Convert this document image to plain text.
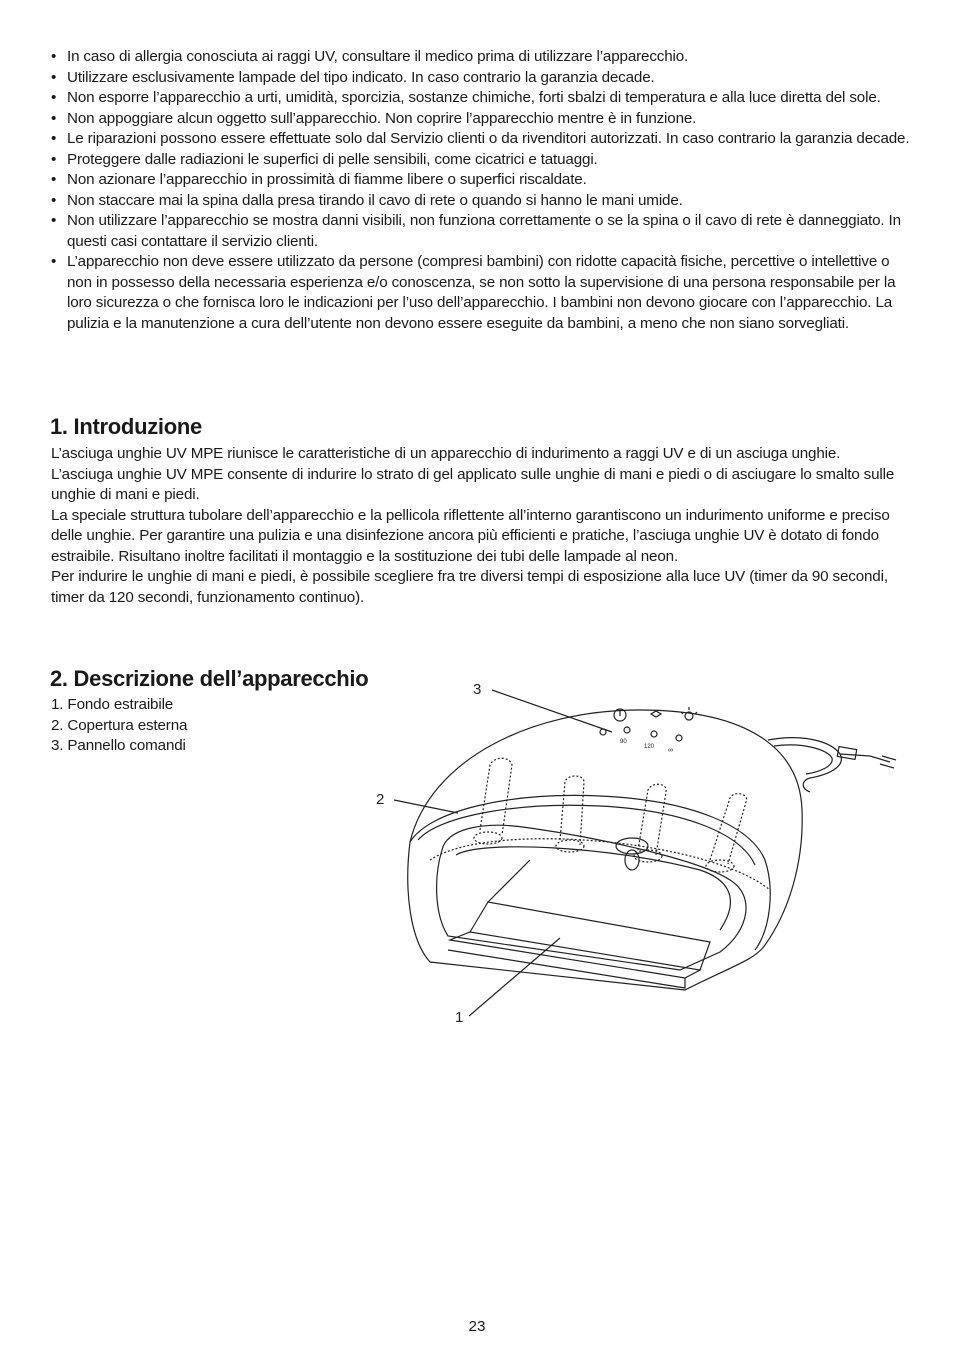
• In caso di allergia conosciuta ai raggi UV, consultare il medico prima di utilizzare l’apparecchio.
• Utilizzare esclusivamente lampade del tipo indicato. In caso contrario la garanzia decade.
• Non esporre l’apparecchio a urti, umidità, sporcizia, sostanze chimiche, forti sbalzi di temperatura e alla luce diretta del sole.
• Non appoggiare alcun oggetto sull’apparecchio. Non coprire l’apparecchio mentre è in funzione.
• Le riparazioni possono essere effettuate solo dal Servizio clienti o da rivenditori autorizzati. In caso contrario la garanzia decade.
• Proteggere dalle radiazioni le superfici di pelle sensibili, come cicatrici e tatuaggi.
• Non azionare l’apparecchio in prossimità di fiamme libere o superfici riscaldate.
• Non staccare mai la spina dalla presa tirando il cavo di rete o quando si hanno le mani umide.
• Non utilizzare l’apparecchio se mostra danni visibili, non funziona correttamente o se la spina o il cavo di rete è danneggiato. In questi casi contattare il servizio clienti.
• L’apparecchio non deve essere utilizzato da persone (compresi bambini) con ridotte capacità fisiche, percettive o intellettive o non in possesso della necessaria esperienza e/o conoscenza, se non sotto la supervisione di una persona responsabile per la loro sicurezza o che fornisca loro le indicazioni per l’uso dell’apparecchio. I bambini non devono giocare con l’apparecchio. La pulizia e la manutenzione a cura dell’utente non devono essere eseguite da bambini, a meno che non siano sorvegliati.
1. Introduzione

L’asciuga unghie UV MPE riunisce le caratteristiche di un apparecchio di indurimento a raggi UV e di un asciuga unghie.

L’asciuga unghie UV MPE consente di indurire lo strato di gel applicato sulle unghie di mani e piedi o di asciugare lo smalto sulle unghie di mani e piedi.

La speciale struttura tubolare dell’apparecchio e la pellicola riflettente all’interno garantiscono un indurimento uniforme e preciso delle unghie. Per garantire una pulizia e una disinfezione ancora più efficienti e pratiche, l’asciuga unghie UV è dotato di fondo estraibile. Risultano inoltre facilitati il montaggio e la sostituzione dei tubi delle lampade al neon.

Per indurire le unghie di mani e piedi, è possibile scegliere fra tre diversi tempi di esposizione alla luce UV (timer da 90 secondi, timer da 120 secondi, funzionamento continuo).

2. Descrizione dell’apparecchio
1. Fondo estraibile
2. Copertura esterna
3. Pannello comandi
3
2
1
90
120 ∞
23
